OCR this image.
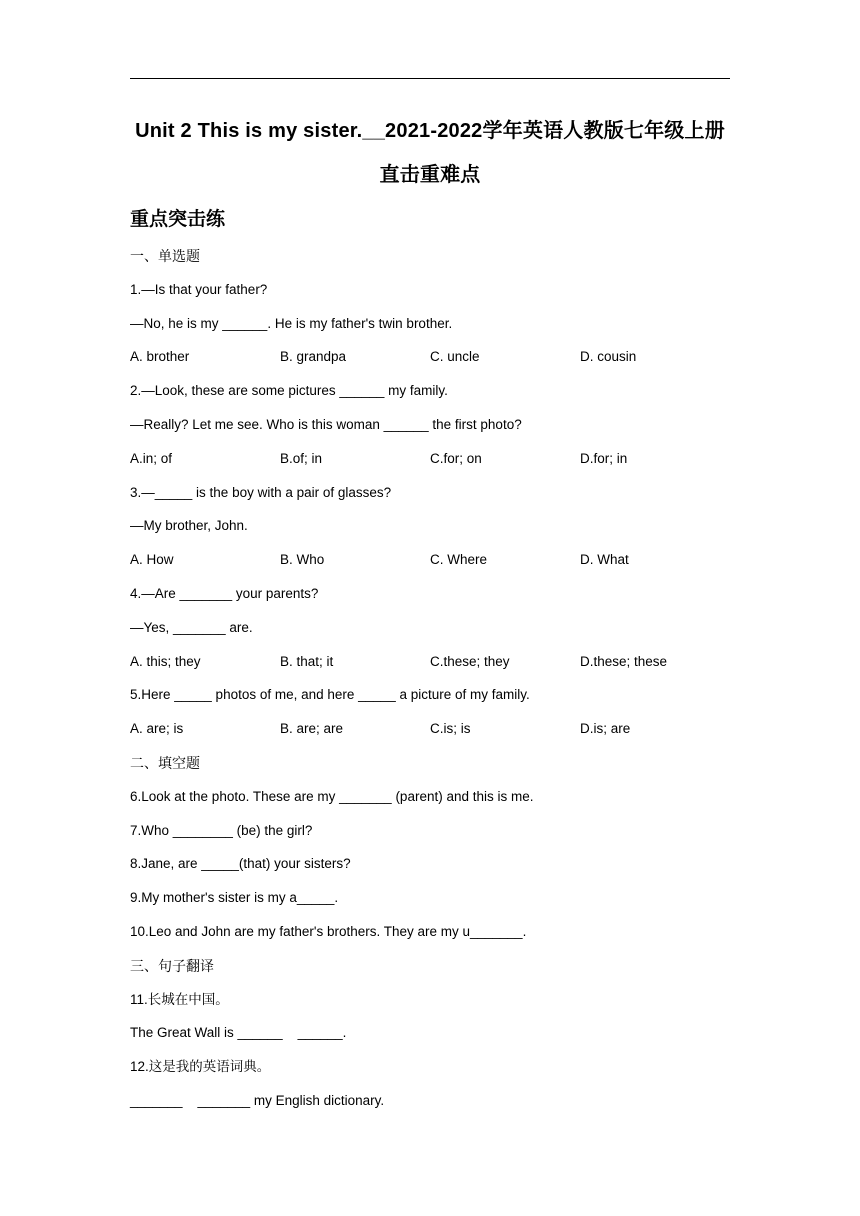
Unit 2 This is my sister.__2021-2022学年英语人教版七年级上册
直击重难点
重点突击练
一、单选题
1.—Is that your father?
—No, he is my ______. He is my father's twin brother.
A. brother	B. grandpa	C. uncle	D. cousin
2.—Look, these are some pictures ______ my family.
—Really? Let me see. Who is this woman ______ the first photo?
A.in; of	B.of; in	C.for; on	D.for; in
3.—_____ is the boy with a pair of glasses?
—My brother, John.
A. How	B. Who	C. Where	D. What
4.—Are _______ your parents?
—Yes, _______ are.
A. this; they	B. that; it	C.these; they	D.these; these
5.Here _____ photos of me, and here _____ a picture of my family.
A. are; is	B. are; are	C.is; is	D.is; are
二、填空题
6.Look at the photo. These are my _______ (parent) and this is me.
7.Who ________ (be) the girl?
8.Jane, are _____(that) your sisters?
9.My mother's sister is my a_____.
10.Leo and John are my father's brothers. They are my u_______.
三、句子翻译
11.长城在中国。
The Great Wall is ______    ______.
12.这是我的英语词典。
_______    _______ my English dictionary.
